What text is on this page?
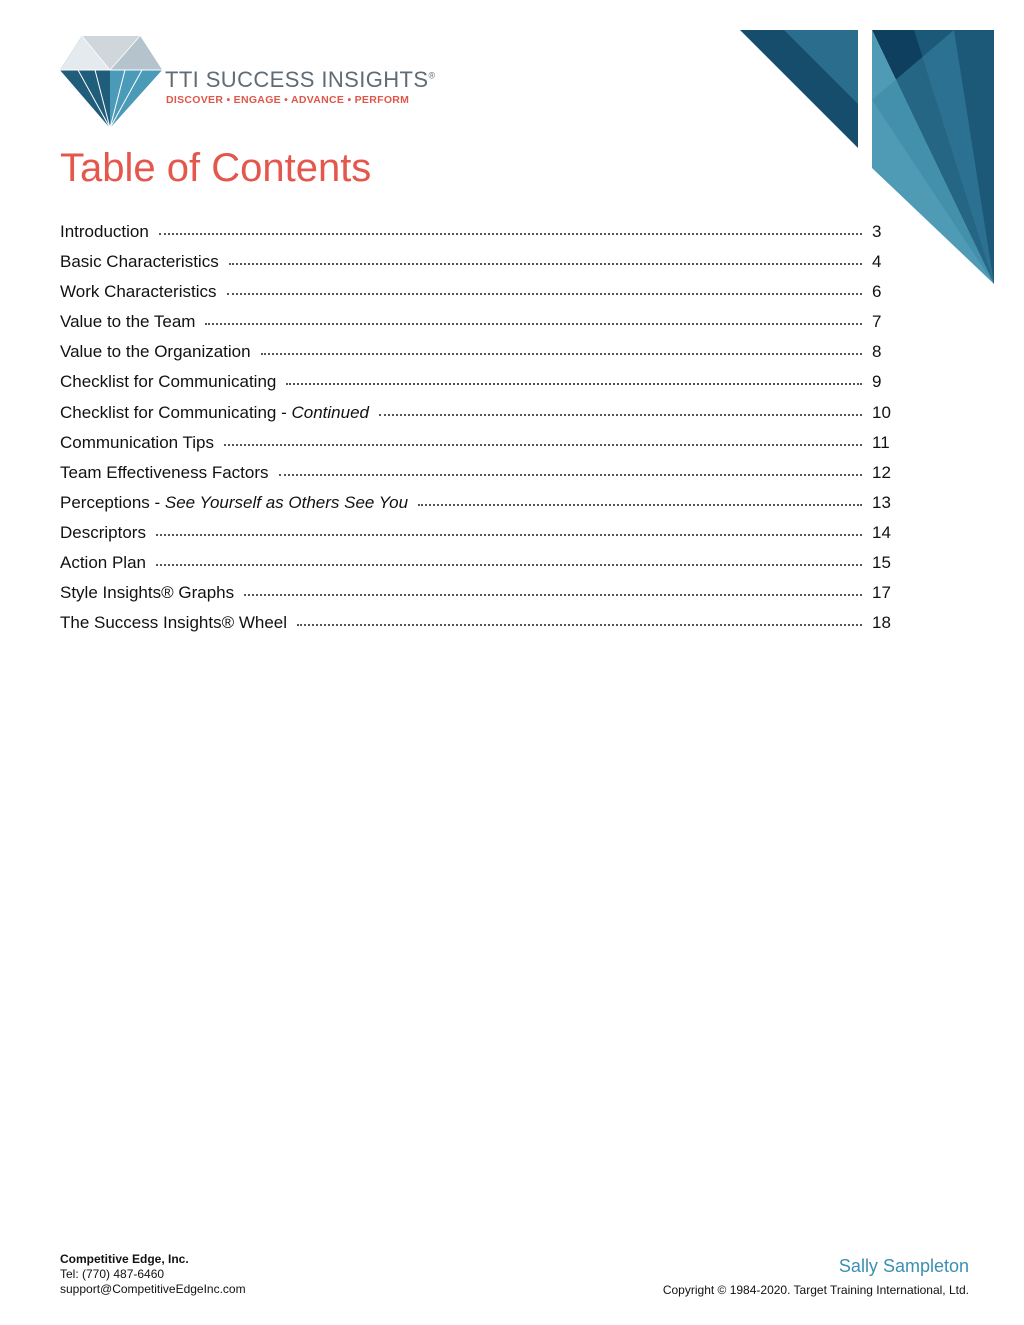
TTI SUCCESS INSIGHTS®
DISCOVER • ENGAGE • ADVANCE • PERFORM
Table of Contents
Introduction	3
Basic Characteristics	4
Work Characteristics	6
Value to the Team	7
Value to the Organization	8
Checklist for Communicating	9
Checklist for Communicating - Continued	10
Communication Tips	11
Team Effectiveness Factors	12
Perceptions - See Yourself as Others See You	13
Descriptors	14
Action Plan	15
Style Insights® Graphs	17
The Success Insights® Wheel	18
Competitive Edge, Inc.
Tel: (770) 487-6460
support@CompetitiveEdgeInc.com
Sally Sampleton
Copyright © 1984-2020. Target Training International, Ltd.
